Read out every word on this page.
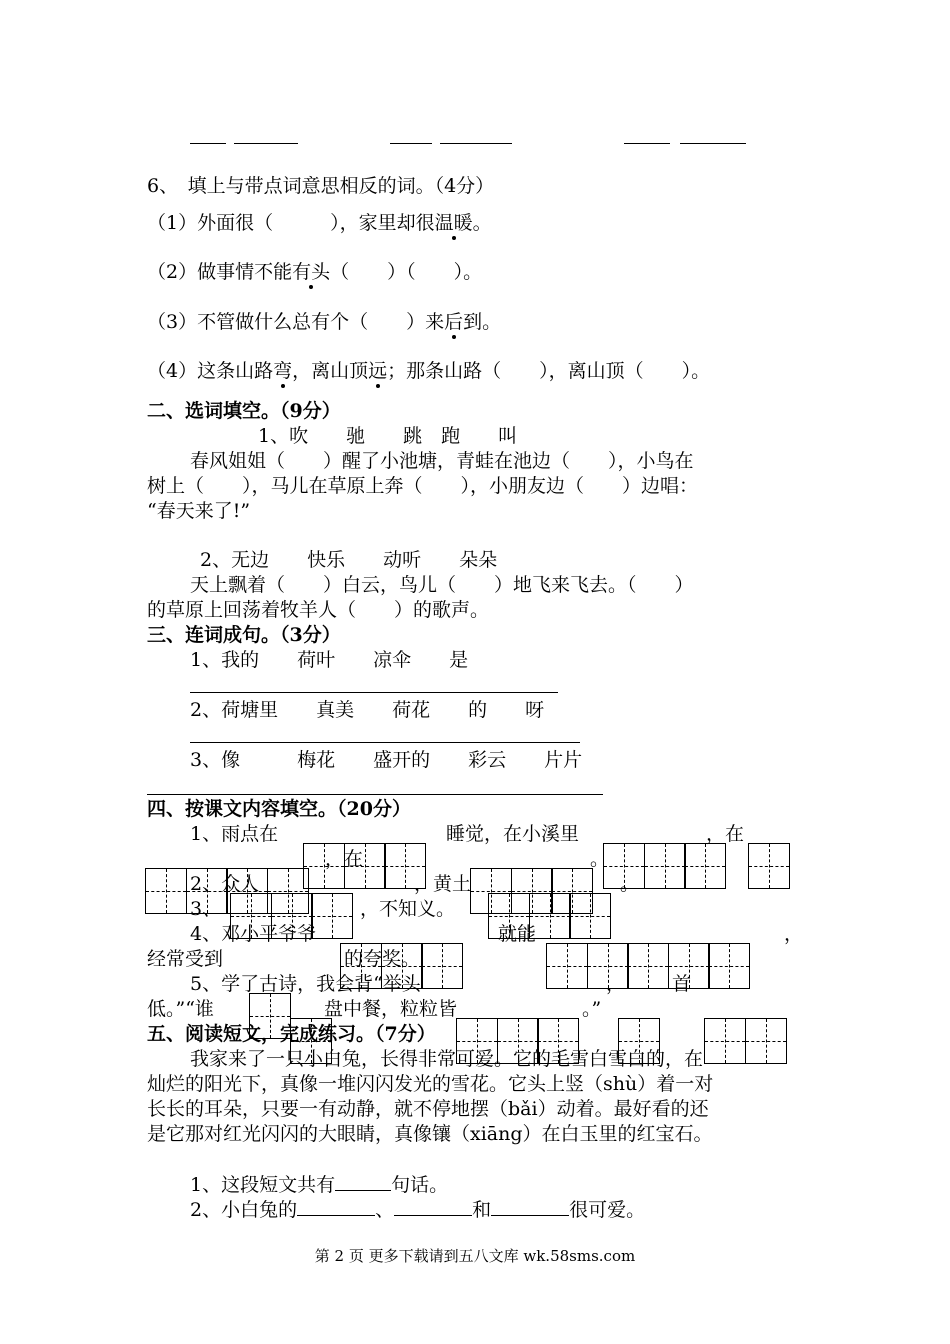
6、　填上与带点词意思相反的词。（4分）
（1）外面很（　　　），家里却很温暖。
（2）做事情不能有头（　　）（　　）。
（3）不管做什么总有个（　　）来后到。
（4）这条山路弯，离山顶远；那条山路（　　），离山顶（　　）。
二、选词填空。（9分）
1、吹　　驰　　跳　跑　　叫
春风姐姐（　　）醒了小池塘，青蛙在池边（　　），小鸟在
树上（　　），马儿在草原上奔（　　），小朋友边（　　）边唱：
“春天来了!”
2、无边　　快乐　　动听　　朵朵
天上飘着（　　）白云，鸟儿（　　）地飞来飞去。（　　）
的草原上回荡着牧羊人（　　）的歌声。
三、连词成句。（3分）
1、我的　　荷叶　　凉伞　　是
2、荷塘里　　真美　　荷花　　的　　呀
3、像　　　梅花　　盛开的　　彩云　　片片
四、按课文内容填空。（20分）
1、雨点在	睡觉，在小溪里	，在
，在	。
。
2、众人	，黄土
3、	，不知义。
4、邓小平爷爷	就能	，
经常受到	的夸奖。
5、学了古诗，我会背“举头	， 首
低。”“谁	盘中餐，粒粒皆	。”
五、阅读短文，完成练习。（7分）
我家来了一只小白兔，长得非常可爱。它的毛雪白雪白的，在
灿烂的阳光下，真像一堆闪闪发光的雪花。它头上竖（shù）着一对
长长的耳朵，只要一有动静，就不停地摆（bǎi）动着。最好看的还
是它那对红光闪闪的大眼睛，真像镶（xiāng）在白玉里的红宝石。
1、这段短文共有	句话。
2、小白兔的	、	和	很可爱。
第 2 页 更多下载请到五八文库 wk.58sms.com
